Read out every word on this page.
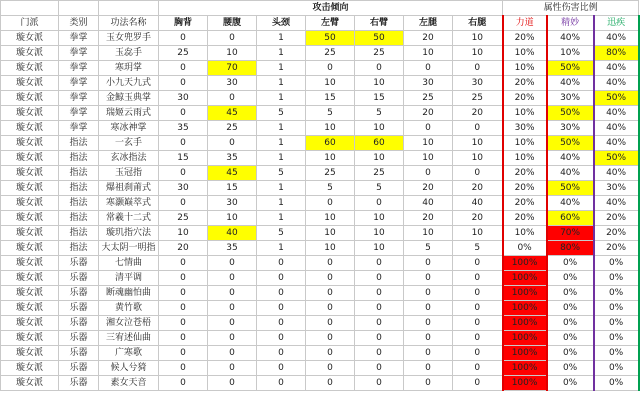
			攻击倾向							属性伤害比例		
门派	类别	功法名称	胸背	腰腹	头颈	左臂	右臂	左腿	右腿	力道	精妙	迅疾
璇女派	拳掌	玉女兜罗手	0	0	1	50	50	20	10	20%	40%	40%
璇女派	拳掌	玉惢手	25	10	1	25	25	10	10	10%	10%	80%
璇女派	拳掌	寒玥掌	0	70	1	0	0	0	0	10%	50%	40%
璇女派	拳掌	小九天九式	0	30	1	10	10	30	30	20%	40%	40%
璇女派	拳掌	金鲸玉典掌	30	0	1	15	15	25	25	20%	30%	50%
璇女派	拳掌	瑞姬云雨式	0	45	5	5	5	20	20	10%	50%	40%
璇女派	拳掌	寒冰神掌	35	25	1	10	10	0	0	30%	30%	40%
璇女派	指法	一玄手	0	0	1	60	60	10	10	10%	50%	40%
璇女派	指法	玄冰指法	15	35	1	10	10	10	10	10%	40%	50%
璇女派	指法	玉冠指	0	45	5	25	25	0	0	20%	40%	40%
璇女派	指法	爆祖刹莆式	30	15	1	5	5	20	20	20%	50%	30%
璇女派	指法	寒灏巅萃式	0	30	1	0	0	40	40	20%	40%	40%
璇女派	指法	常羲十二式	25	10	1	10	10	20	20	20%	60%	20%
璇女派	指法	璇玑指穴法	10	40	5	10	10	10	10	10%	70%	20%
璇女派	指法	大太阴一明指	20	35	1	10	10	5	5	0%	80%	20%
璇女派	乐器	七情曲	0	0	0	0	0	0	0	100%	0%	0%
璇女派	乐器	清平调	0	0	0	0	0	0	0	100%	0%	0%
璇女派	乐器	断魂幽怕曲	0	0	0	0	0	0	0	100%	0%	0%
璇女派	乐器	黄竹歌	0	0	0	0	0	0	0	100%	0%	0%
璇女派	乐器	湘女泣苍梧	0	0	0	0	0	0	0	100%	0%	0%
璇女派	乐器	三宥述仙曲	0	0	0	0	0	0	0	100%	0%	0%
璇女派	乐器	广寒歌	0	0	0	0	0	0	0	100%	0%	0%
璇女派	乐器	候人兮猗	0	0	0	0	0	0	0	100%	0%	0%
璇女派	乐器	素女天音	0	0	0	0	0	0	0	100%	0%	0%
